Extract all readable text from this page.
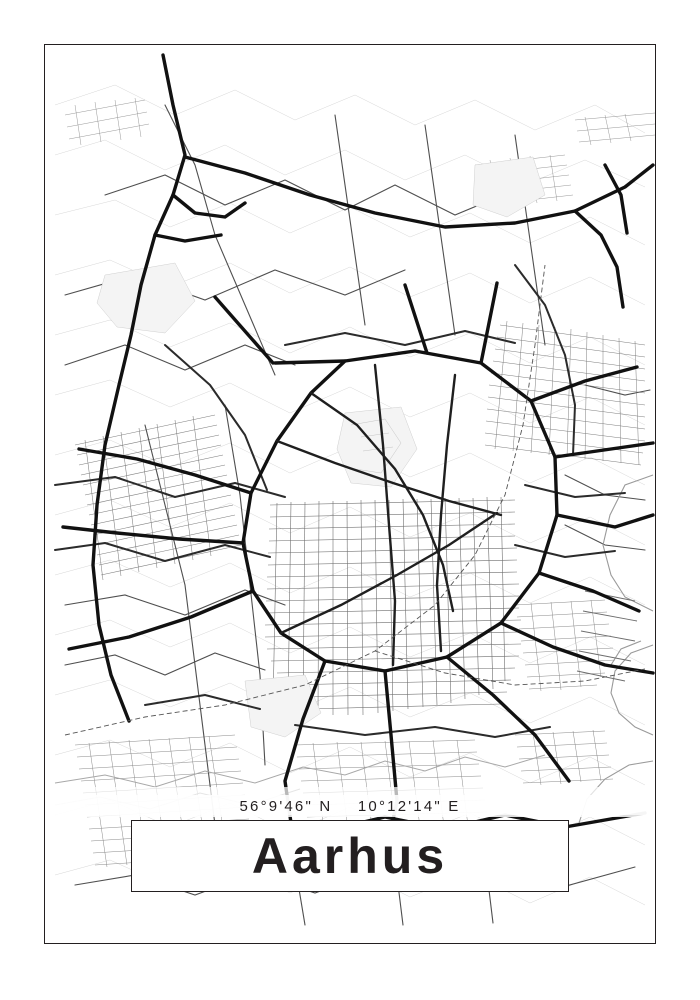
56°9'46" N    10°12'14" E
Aarhus
